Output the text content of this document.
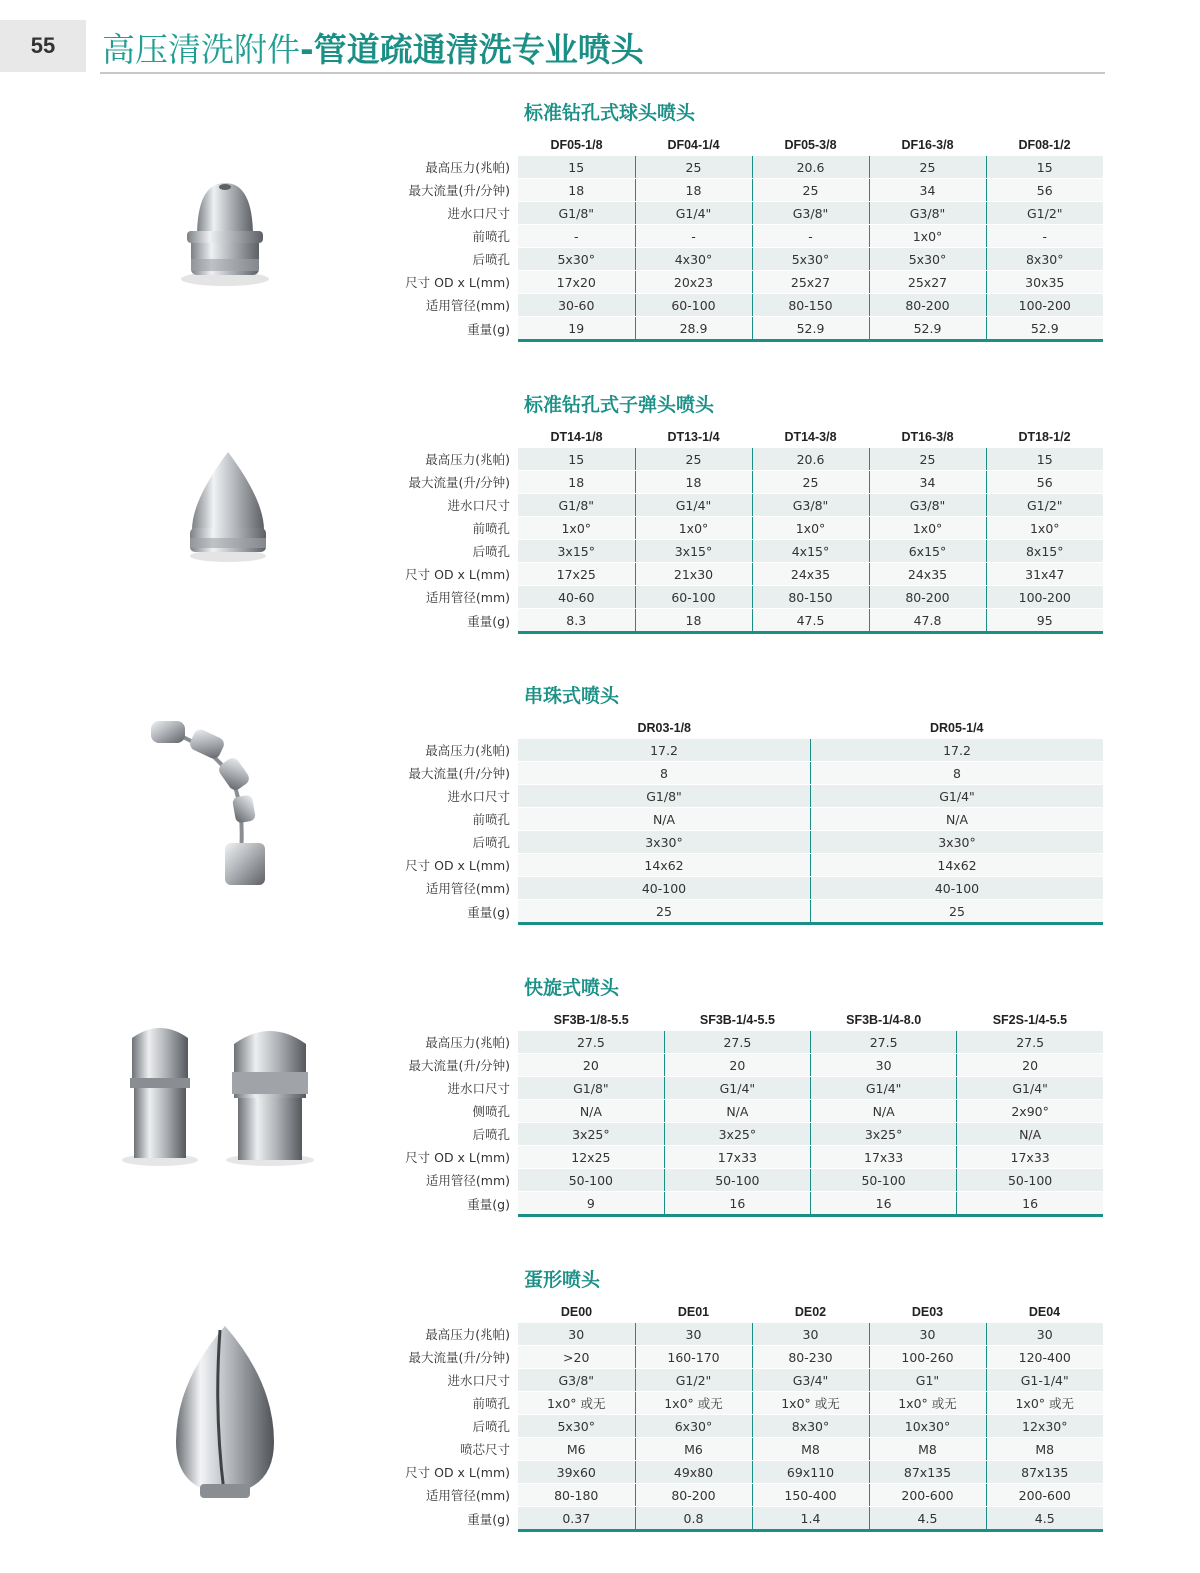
55	高压清洗附件-管道疏通清洗专业喷头
标准钻孔式球头喷头
	DF05-1/8	DF04-1/4	DF05-3/8	DF16-3/8	DF08-1/2
最高压力(兆帕)	15	25	20.6	25	15
最大流量(升/分钟)	18	18	25	34	56
进水口尺寸	G1/8"	G1/4"	G3/8"	G3/8"	G1/2"
前喷孔	-	-	-	1x0°	-
后喷孔	5x30°	4x30°	5x30°	5x30°	8x30°
尺寸 OD x L(mm)	17x20	20x23	25x27	25x27	30x35
适用管径(mm)	30-60	60-100	80-150	80-200	100-200
重量(g)	19	28.9	52.9	52.9	52.9
标准钻孔式子弹头喷头
	DT14-1/8	DT13-1/4	DT14-3/8	DT16-3/8	DT18-1/2
最高压力(兆帕)	15	25	20.6	25	15
最大流量(升/分钟)	18	18	25	34	56
进水口尺寸	G1/8"	G1/4"	G3/8"	G3/8"	G1/2"
前喷孔	1x0°	1x0°	1x0°	1x0°	1x0°
后喷孔	3x15°	3x15°	4x15°	6x15°	8x15°
尺寸 OD x L(mm)	17x25	21x30	24x35	24x35	31x47
适用管径(mm)	40-60	60-100	80-150	80-200	100-200
重量(g)	8.3	18	47.5	47.8	95
串珠式喷头
	DR03-1/8	DR05-1/4
最高压力(兆帕)	17.2	17.2
最大流量(升/分钟)	8	8
进水口尺寸	G1/8"	G1/4"
前喷孔	N/A	N/A
后喷孔	3x30°	3x30°
尺寸 OD x L(mm)	14x62	14x62
适用管径(mm)	40-100	40-100
重量(g)	25	25
快旋式喷头
	SF3B-1/8-5.5	SF3B-1/4-5.5	SF3B-1/4-8.0	SF2S-1/4-5.5
最高压力(兆帕)	27.5	27.5	27.5	27.5
最大流量(升/分钟)	20	20	30	20
进水口尺寸	G1/8"	G1/4"	G1/4"	G1/4"
侧喷孔	N/A	N/A	N/A	2x90°
后喷孔	3x25°	3x25°	3x25°	N/A
尺寸 OD x L(mm)	12x25	17x33	17x33	17x33
适用管径(mm)	50-100	50-100	50-100	50-100
重量(g)	9	16	16	16
蛋形喷头
	DE00	DE01	DE02	DE03	DE04
最高压力(兆帕)	30	30	30	30	30
最大流量(升/分钟)	>20	160-170	80-230	100-260	120-400
进水口尺寸	G3/8"	G1/2"	G3/4"	G1"	G1-1/4"
前喷孔	1x0° 或无	1x0° 或无	1x0° 或无	1x0° 或无	1x0° 或无
后喷孔	5x30°	6x30°	8x30°	10x30°	12x30°
喷芯尺寸	M6	M6	M8	M8	M8
尺寸 OD x L(mm)	39x60	49x80	69x110	87x135	87x135
适用管径(mm)	80-180	80-200	150-400	200-600	200-600
重量(g)	0.37	0.8	1.4	4.5	4.5
